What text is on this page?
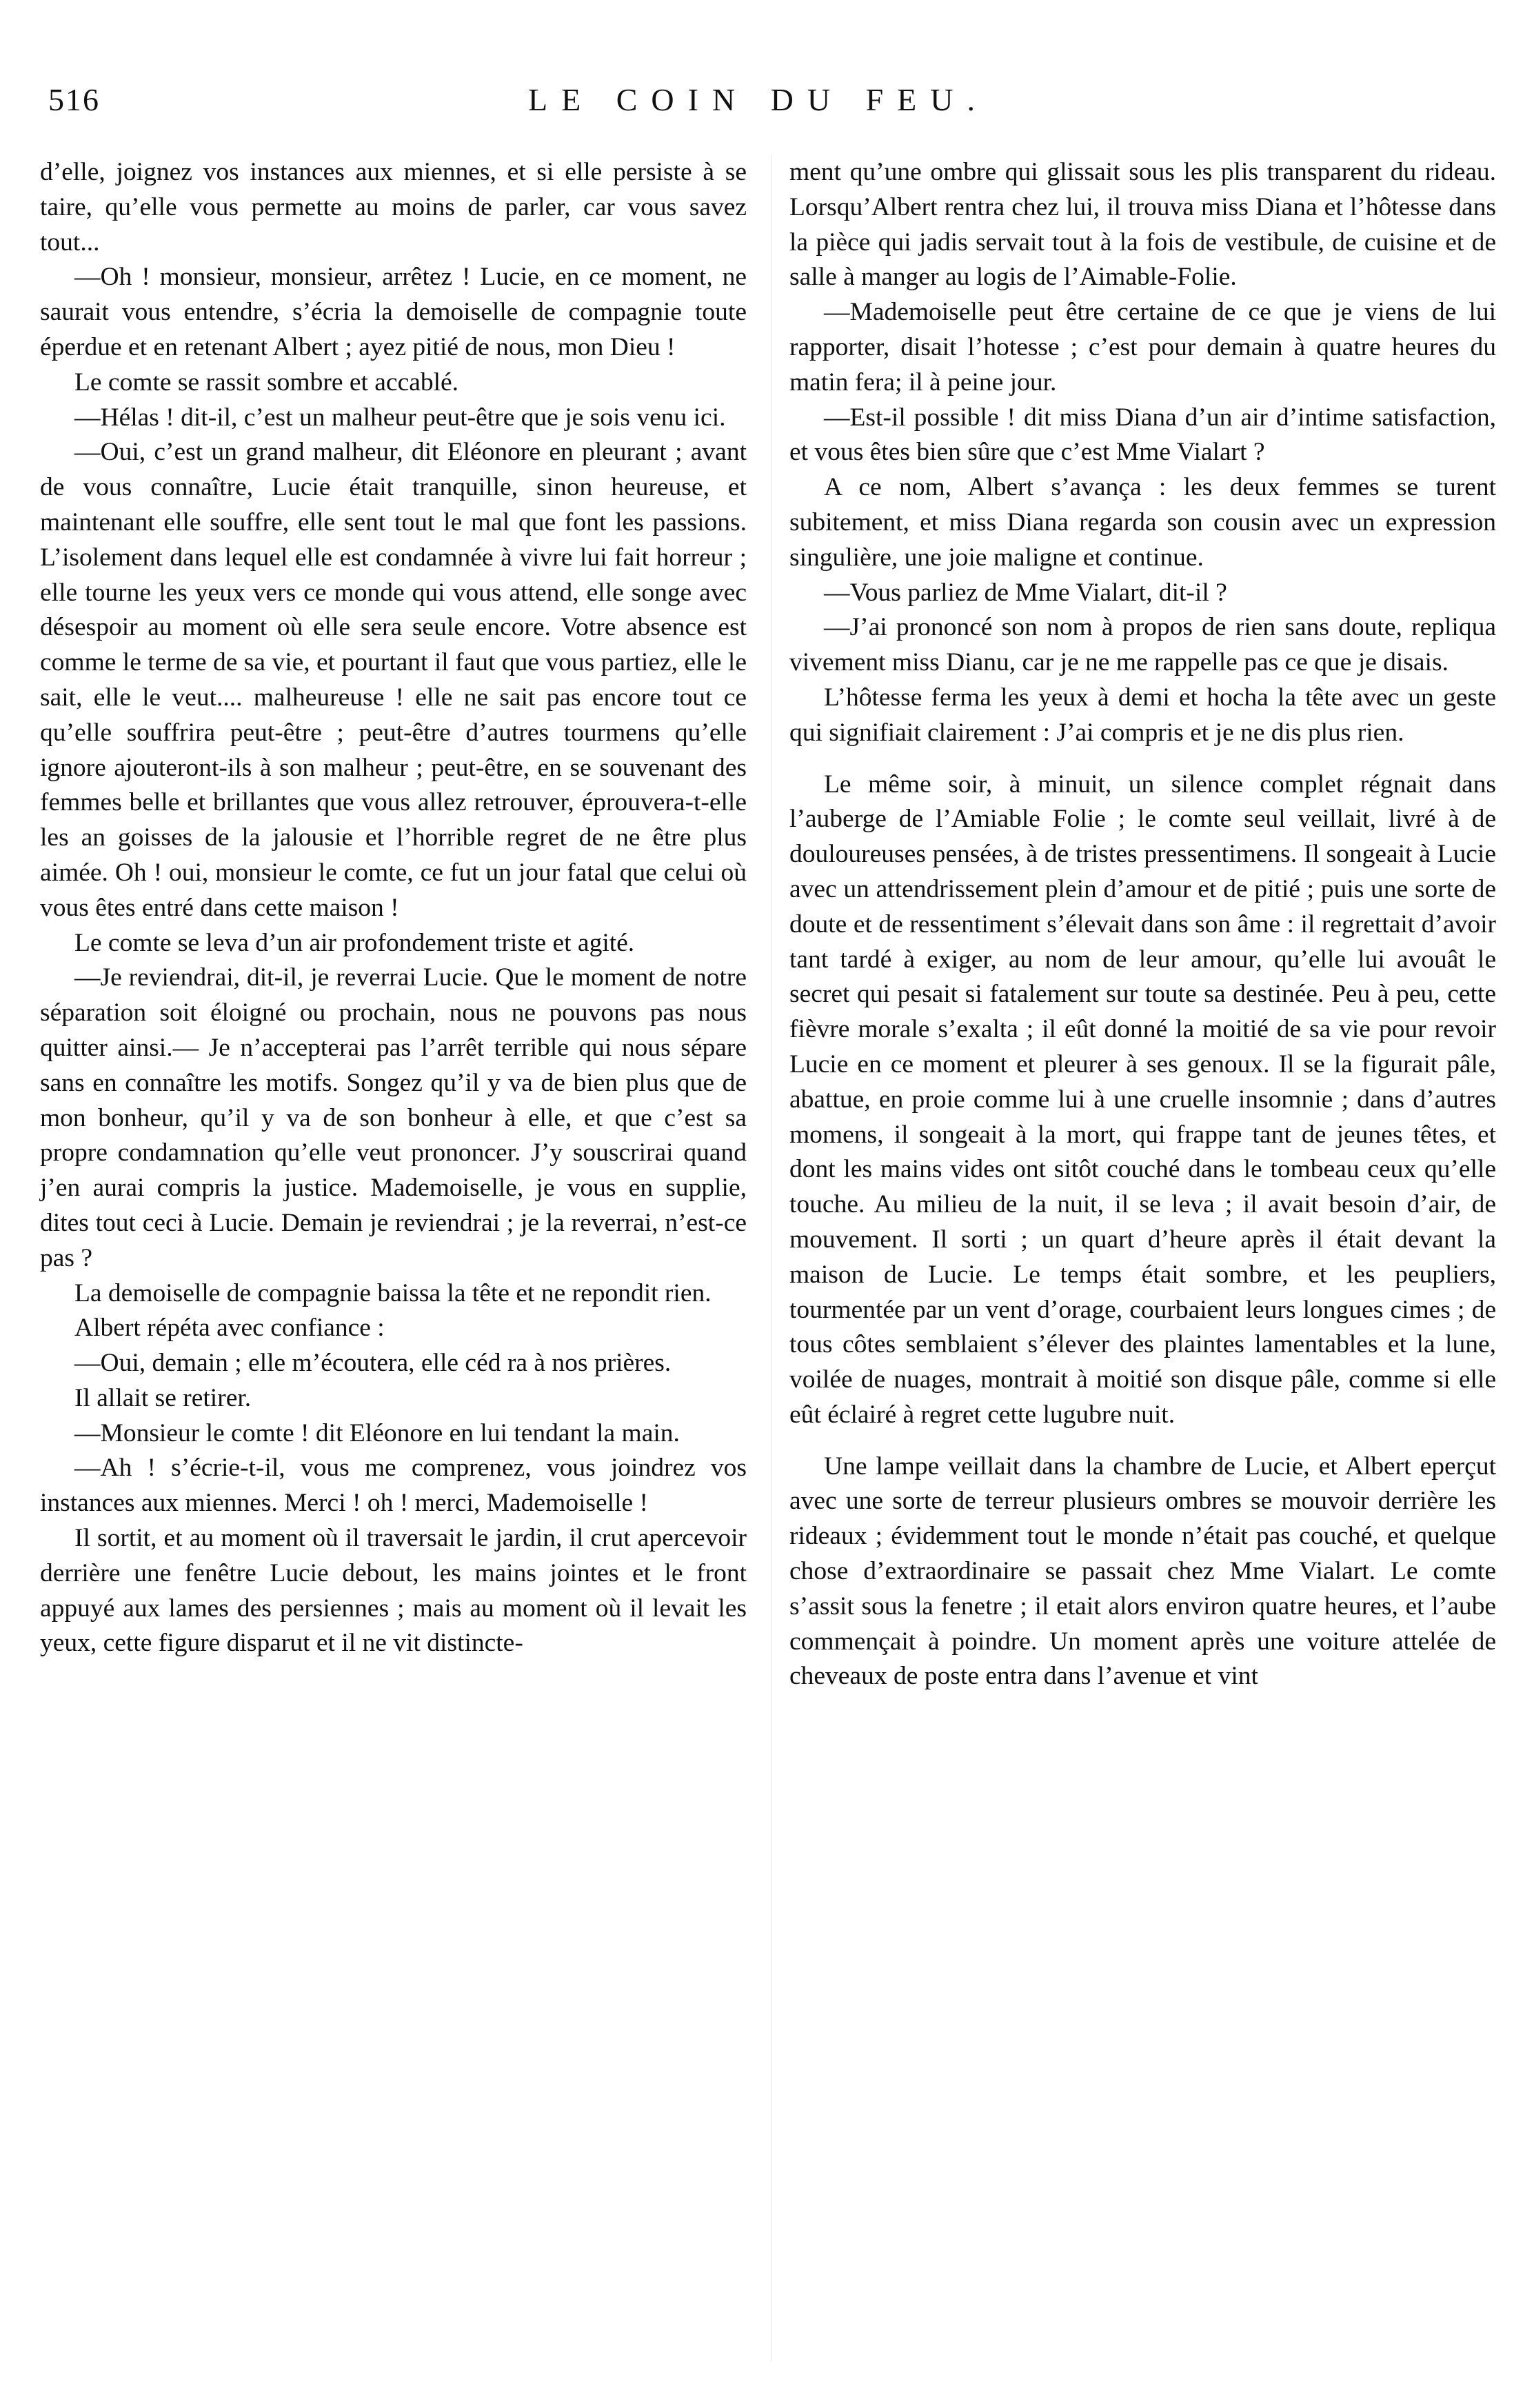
516	LE COIN DU FEU.

d’elle, joignez vos instances aux miennes, et si elle persiste à se taire, qu’elle vous permette au moins de parler, car vous savez tout...

—Oh ! monsieur, monsieur, arrêtez ! Lucie, en ce moment, ne saurait vous entendre, s’écria la demoiselle de compagnie toute éperdue et en retenant Albert ; ayez pitié de nous, mon Dieu !

Le comte se rassit sombre et accablé.

—Hélas ! dit-il, c’est un malheur peut-être que je sois venu ici.

—Oui, c’est un grand malheur, dit Eléonore en pleurant ; avant de vous connaître, Lucie était tranquille, sinon heureuse, et maintenant elle souffre, elle sent tout le mal que font les passions. L’isolement dans lequel elle est condamnée à vivre lui fait horreur ; elle tourne les yeux vers ce monde qui vous attend, elle songe avec désespoir au moment où elle sera seule encore. Votre absence est comme le terme de sa vie, et pourtant il faut que vous partiez, elle le sait, elle le veut.... malheureuse ! elle ne sait pas encore tout ce qu’elle souffrira peut-être ; peut-être d’autres tourmens qu’elle ignore ajouteront-ils à son malheur ; peut-être, en se souvenant des femmes belle et brillantes que vous allez retrouver, éprouvera-t-elle les an goisses de la jalousie et l’horrible regret de ne être plus aimée. Oh ! oui, monsieur le comte, ce fut un jour fatal que celui où vous êtes entré dans cette maison !

Le comte se leva d’un air profondement triste et agité.

—Je reviendrai, dit-il, je reverrai Lucie. Que le moment de notre séparation soit éloigné ou prochain, nous ne pouvons pas nous quitter ainsi.— Je n’accepterai pas l’arrêt terrible qui nous sépare sans en connaître les motifs. Songez qu’il y va de bien plus que de mon bonheur, qu’il y va de son bonheur à elle, et que c’est sa propre condamnation qu’elle veut prononcer. J’y souscrirai quand j’en aurai compris la justice. Mademoiselle, je vous en supplie, dites tout ceci à Lucie. Demain je reviendrai ; je la reverrai, n’est-ce pas ?

La demoiselle de compagnie baissa la tête et ne repondit rien.

Albert répéta avec confiance :

—Oui, demain ; elle m’écoutera, elle céd ra à nos prières.

Il allait se retirer.

—Monsieur le comte ! dit Eléonore en lui tendant la main.

—Ah ! s’écrie-t-il, vous me comprenez, vous joindrez vos instances aux miennes. Merci ! oh ! merci, Mademoiselle !

Il sortit, et au moment où il traversait le jardin, il crut apercevoir derrière une fenêtre Lucie debout, les mains jointes et le front appuyé aux lames des persiennes ; mais au moment où il levait les yeux, cette figure disparut et il ne vit distincte-

ment qu’une ombre qui glissait sous les plis transparent du rideau. Lorsqu’Albert rentra chez lui, il trouva miss Diana et l’hôtesse dans la pièce qui jadis servait tout à la fois de vestibule, de cuisine et de salle à manger au logis de l’Aimable-Folie.

—Mademoiselle peut être certaine de ce que je viens de lui rapporter, disait l’hotesse ; c’est pour demain à quatre heures du matin fera; il à peine jour.

—Est-il possible ! dit miss Diana d’un air d’intime satisfaction, et vous êtes bien sûre que c’est Mme Vialart ?

A ce nom, Albert s’avança : les deux femmes se turent subitement, et miss Diana regarda son cousin avec un expression singulière, une joie maligne et continue.

—Vous parliez de Mme Vialart, dit-il ?

—J’ai prononcé son nom à propos de rien sans doute, repliqua vivement miss Dianu, car je ne me rappelle pas ce que je disais.

L’hôtesse ferma les yeux à demi et hocha la tête avec un geste qui signifiait clairement : J’ai compris et je ne dis plus rien.

Le même soir, à minuit, un silence complet régnait dans l’auberge de l’Amiable Folie ; le comte seul veillait, livré à de douloureuses pensées, à de tristes pressentimens. Il songeait à Lucie avec un attendrissement plein d’amour et de pitié ; puis une sorte de doute et de ressentiment s’élevait dans son âme : il regrettait d’avoir tant tardé à exiger, au nom de leur amour, qu’elle lui avouât le secret qui pesait si fatalement sur toute sa destinée. Peu à peu, cette fièvre morale s’exalta ; il eût donné la moitié de sa vie pour revoir Lucie en ce moment et pleurer à ses genoux. Il se la figurait pâle, abattue, en proie comme lui à une cruelle insomnie ; dans d’autres momens, il songeait à la mort, qui frappe tant de jeunes têtes, et dont les mains vides ont sitôt couché dans le tombeau ceux qu’elle touche. Au milieu de la nuit, il se leva ; il avait besoin d’air, de mouvement. Il sorti ; un quart d’heure après il était devant la maison de Lucie. Le temps était sombre, et les peupliers, tourmentée par un vent d’orage, courbaient leurs longues cimes ; de tous côtes semblaient s’élever des plaintes lamentables et la lune, voilée de nuages, montrait à moitié son disque pâle, comme si elle eût éclairé à regret cette lugubre nuit.

Une lampe veillait dans la chambre de Lucie, et Albert eperçut avec une sorte de terreur plusieurs ombres se mouvoir derrière les rideaux ; évidemment tout le monde n’était pas couché, et quelque chose d’extraordinaire se passait chez Mme Vialart. Le comte s’assit sous la fenetre ; il etait alors environ quatre heures, et l’aube commençait à poindre. Un moment après une voiture attelée de cheveaux de poste entra dans l’avenue et vint
